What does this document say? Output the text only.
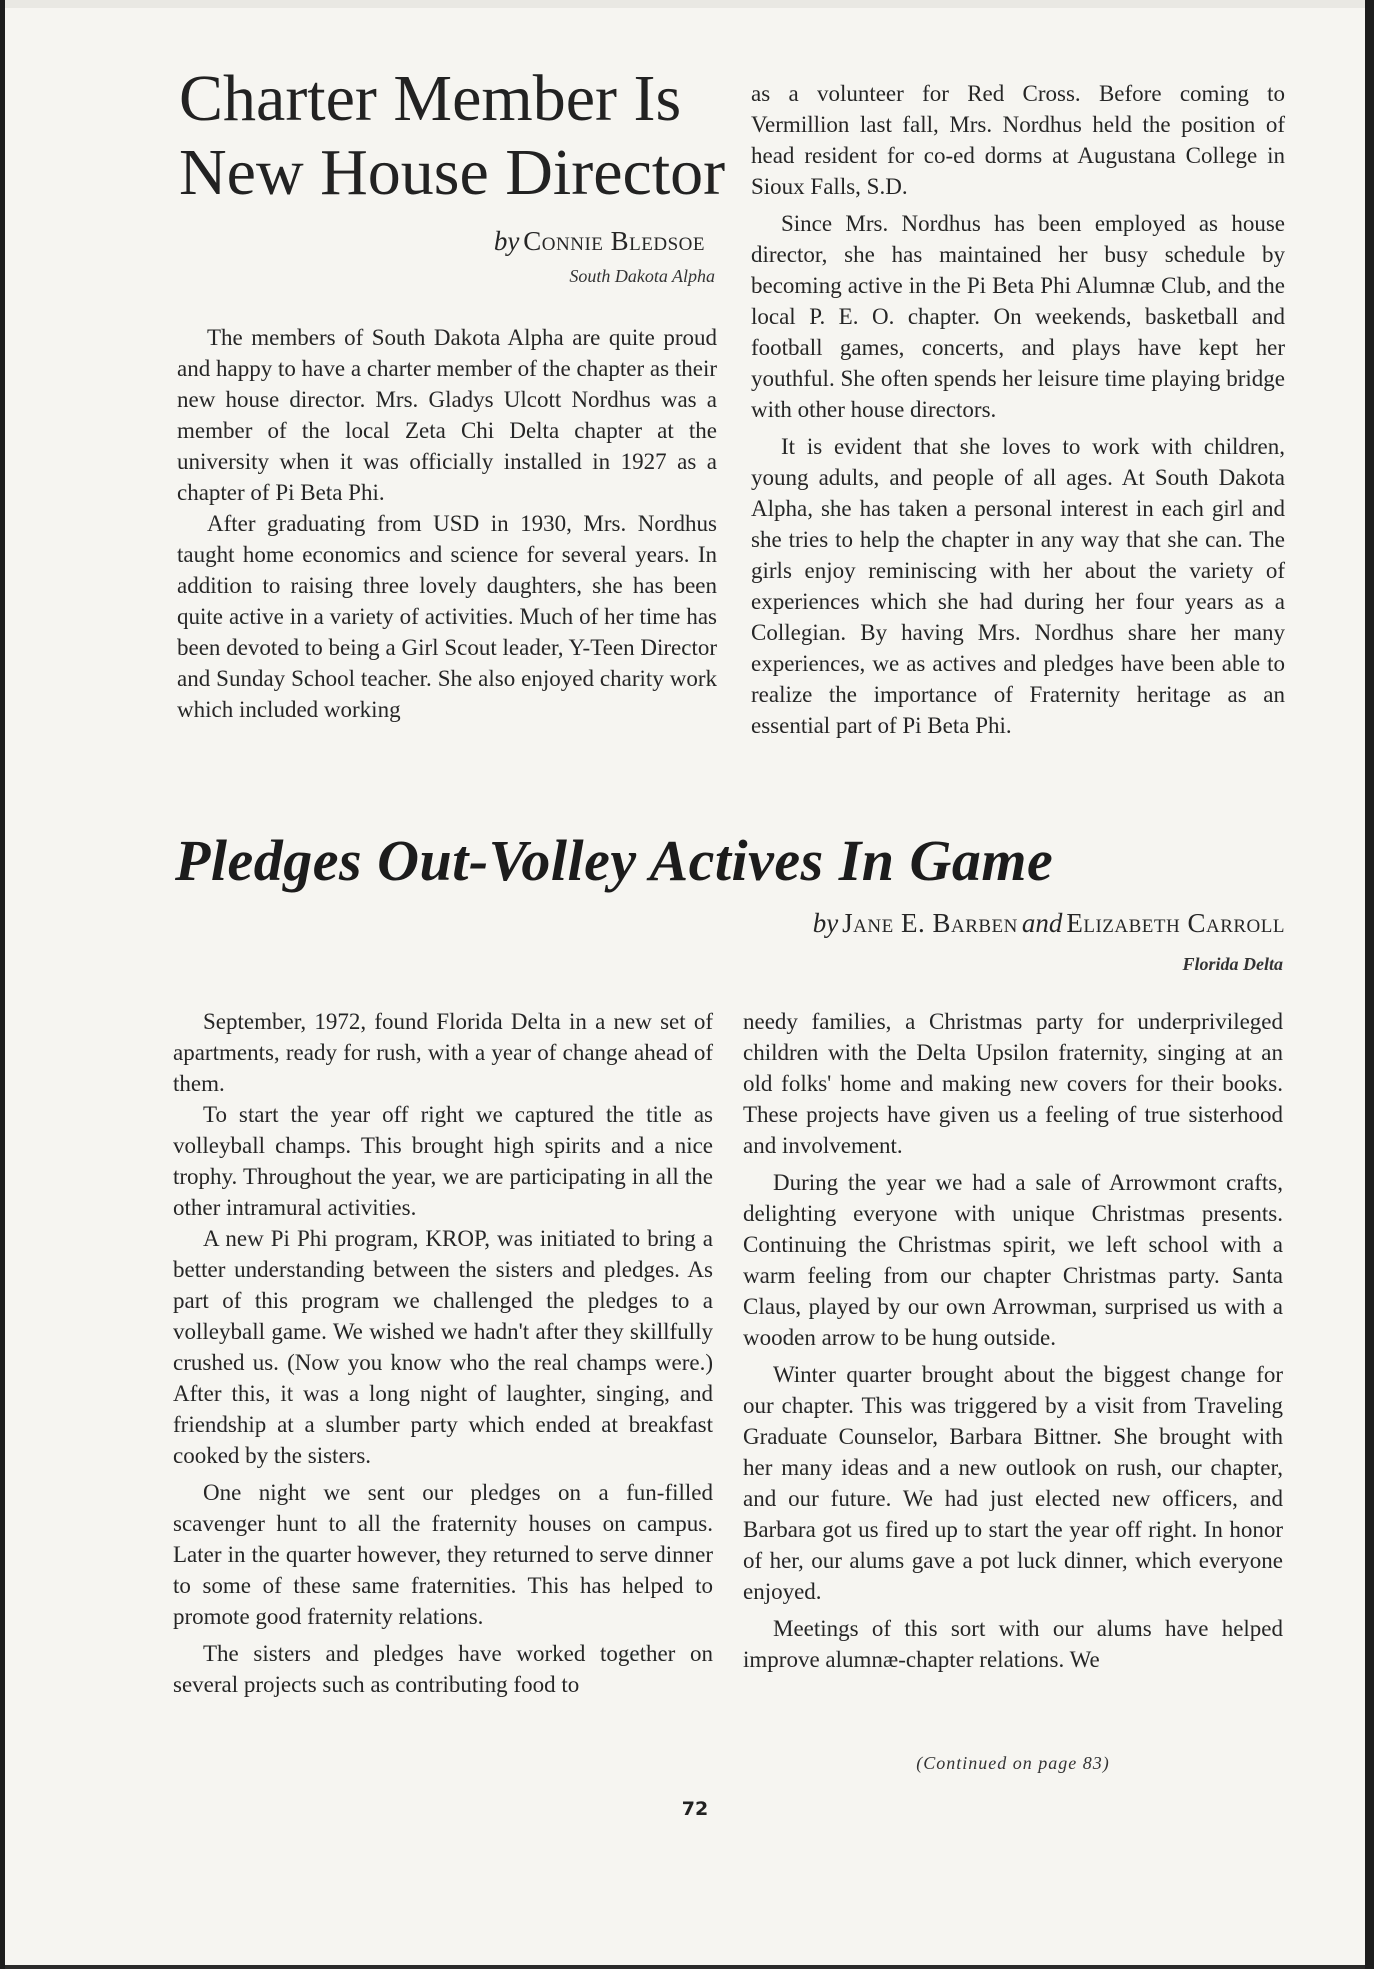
Charter Member Is
New House Director
by Connie Bledsoe
South Dakota Alpha

The members of South Dakota Alpha are quite proud and happy to have a charter member of the chapter as their new house director. Mrs. Gladys Ulcott Nordhus was a member of the local Zeta Chi Delta chapter at the university when it was officially installed in 1927 as a chapter of Pi Beta Phi.

After graduating from USD in 1930, Mrs. Nordhus taught home economics and science for several years. In addition to raising three lovely daughters, she has been quite active in a variety of activities. Much of her time has been devoted to being a Girl Scout leader, Y-Teen Director and Sunday School teacher. She also enjoyed charity work which included working

as a volunteer for Red Cross. Before coming to Vermillion last fall, Mrs. Nordhus held the position of head resident for co-ed dorms at Augustana College in Sioux Falls, S.D.

Since Mrs. Nordhus has been employed as house director, she has maintained her busy schedule by becoming active in the Pi Beta Phi Alumnæ Club, and the local P. E. O. chapter. On weekends, basketball and football games, concerts, and plays have kept her youthful. She often spends her leisure time playing bridge with other house directors.

It is evident that she loves to work with children, young adults, and people of all ages. At South Dakota Alpha, she has taken a personal interest in each girl and she tries to help the chapter in any way that she can. The girls enjoy reminiscing with her about the variety of experiences which she had during her four years as a Collegian. By having Mrs. Nordhus share her many experiences, we as actives and pledges have been able to realize the importance of Fraternity heritage as an essential part of Pi Beta Phi.

Pledges Out-Volley Actives In Game
by Jane E. Barben and Elizabeth Carroll
Florida Delta

September, 1972, found Florida Delta in a new set of apartments, ready for rush, with a year of change ahead of them.

To start the year off right we captured the title as volleyball champs. This brought high spirits and a nice trophy. Throughout the year, we are participating in all the other intramural activities.

A new Pi Phi program, KROP, was initiated to bring a better understanding between the sisters and pledges. As part of this program we challenged the pledges to a volleyball game. We wished we hadn't after they skillfully crushed us. (Now you know who the real champs were.) After this, it was a long night of laughter, singing, and friendship at a slumber party which ended at breakfast cooked by the sisters.

One night we sent our pledges on a fun-filled scavenger hunt to all the fraternity houses on campus. Later in the quarter however, they returned to serve dinner to some of these same fraternities. This has helped to promote good fraternity relations.

The sisters and pledges have worked together on several projects such as contributing food to

needy families, a Christmas party for underprivileged children with the Delta Upsilon fraternity, singing at an old folks' home and making new covers for their books. These projects have given us a feeling of true sisterhood and involvement.

During the year we had a sale of Arrowmont crafts, delighting everyone with unique Christmas presents. Continuing the Christmas spirit, we left school with a warm feeling from our chapter Christmas party. Santa Claus, played by our own Arrowman, surprised us with a wooden arrow to be hung outside.

Winter quarter brought about the biggest change for our chapter. This was triggered by a visit from Traveling Graduate Counselor, Barbara Bittner. She brought with her many ideas and a new outlook on rush, our chapter, and our future. We had just elected new officers, and Barbara got us fired up to start the year off right. In honor of her, our alums gave a pot luck dinner, which everyone enjoyed.

Meetings of this sort with our alums have helped improve alumnæ-chapter relations. We

(Continued on page 83)
72
